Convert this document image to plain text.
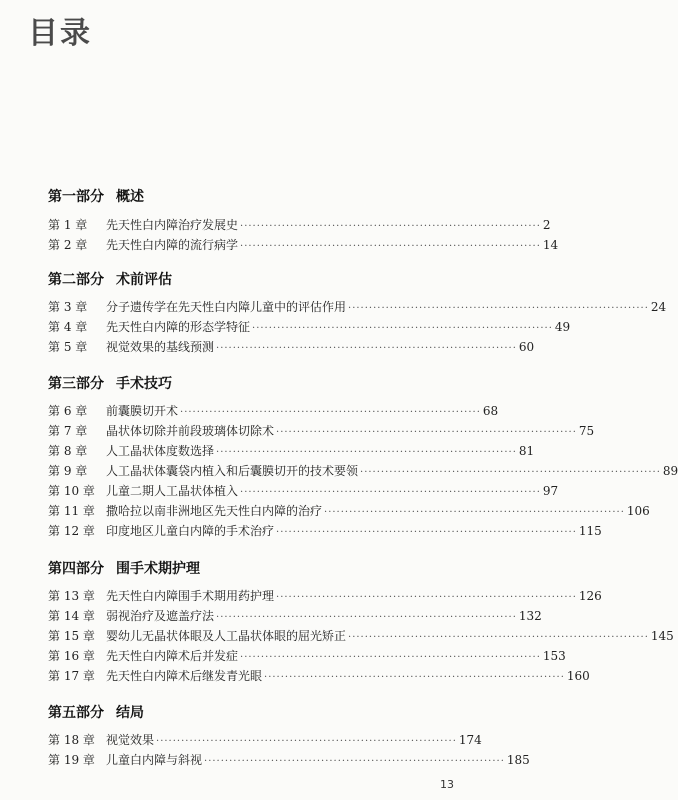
目录
第一部分 概述
第 1 章	先天性白内障治疗发展史 ········································································ 2
第 2 章	先天性白内障的流行病学 ········································································ 14
第二部分 术前评估
第 3 章	分子遗传学在先天性白内障儿童中的评估作用 ········································································ 24
第 4 章	先天性白内障的形态学特征 ········································································ 49
第 5 章	视觉效果的基线预测 ········································································ 60
第三部分 手术技巧
第 6 章	前囊膜切开术 ········································································ 68
第 7 章	晶状体切除并前段玻璃体切除术 ········································································ 75
第 8 章	人工晶状体度数选择 ········································································ 81
第 9 章	人工晶状体囊袋内植入和后囊膜切开的技术要领 ········································································ 89
第 10 章 儿童二期人工晶状体植入 ········································································ 97
第 11 章 撒哈拉以南非洲地区先天性白内障的治疗 ········································································ 106
第 12 章 印度地区儿童白内障的手术治疗 ········································································ 115
第四部分 围手术期护理
第 13 章 先天性白内障围手术期用药护理 ········································································ 126
第 14 章 弱视治疗及遮盖疗法 ········································································ 132
第 15 章 婴幼儿无晶状体眼及人工晶状体眼的屈光矫正 ········································································ 145
第 16 章 先天性白内障术后并发症 ········································································ 153
第 17 章 先天性白内障术后继发青光眼 ········································································ 160
第五部分 结局
第 18 章 视觉效果 ········································································ 174
第 19 章 儿童白内障与斜视 ········································································ 185
13
